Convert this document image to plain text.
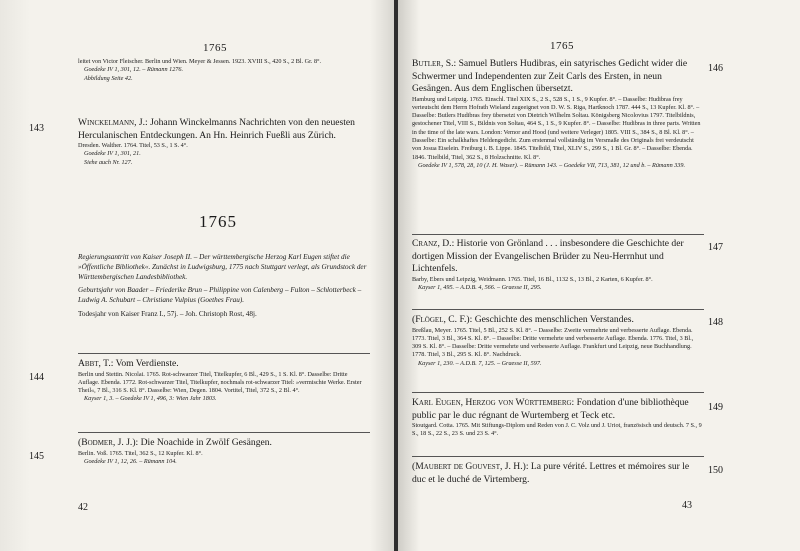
1765
leitet von Victor Fleischer. Berlin und Wien. Meyer & Jessen. 1923. XVIII S., 420 S., 2 Bl. Gr. 8°.
Goedeke IV 1, 301, 12. – Rümann 1276.
Abbildung Seite 42.
143
Winckelmann, J.: Johann Winckelmanns Nachrichten von den neuesten Herculanischen Entdeckungen. An Hn. Heinrich Fueßli aus Zürich.
Dresden. Walther. 1764. Titel, 53 S., 1 S. 4°.
Goedeke IV 1, 301, 21.
Siehe auch Nr. 127.
1765
Regierungsantritt von Kaiser Joseph II. – Der württembergische Herzog Karl Eugen stiftet die »Öffentliche Bibliothek«. Zunächst in Ludwigsburg, 1775 nach Stuttgart verlegt, als Grundstock der Württembergischen Landesbibliothek.
Geburtsjahr von Baader – Friederike Brun – Philippine von Calenberg – Fulton – Schlotterbeck – Ludwig A. Schubart – Christiane Vulpius (Goethes Frau).
Todesjahr von Kaiser Franz I., 57j. – Joh. Christoph Rost, 48j.
144
Abbt, T.: Vom Verdienste.
Berlin und Stettin. Nicolai. 1765. Rot-schwarzer Titel, Titelkupfer, 6 Bl., 429 S., 1 S. Kl. 8°. Dasselbe: Dritte Auflage. Ebenda. 1772. Rot-schwarzer Titel, Titelkupfer, nochmals rot-schwarzer Titel: »vermischte Werke. Erster Theil«, 7 Bl., 316 S. Kl. 8°. Dasselbe: Wien, Degen. 1804. Vortitel, Titel, 372 S., 2 Bl. 4°.
Kayser 1, 3. – Goedeke IV 1, 496, 3: Wien Jahr 1803.
145
(Bodmer, J. J.): Die Noachide in Zwölf Gesängen.
Berlin. Voß. 1765. Titel, 362 S., 12 Kupfer. Kl. 8°.
Goedeke IV 1, 12, 26. – Rümann 104.
42
1765
Butler, S.: Samuel Butlers Hudibras, ein satyrisches Gedicht wider die Schwermer und Independenten zur Zeit Carls des Ersten, in neun Gesängen. Aus dem Englischen übersetzt.
Hamburg und Leipzig. 1765. Einschl. Titel XIX S., 2 S., 528 S., 1 S., 9 Kupfer. 8°. – Dasselbe: Hudibras frey verteutscht dem Herrn Hofrath Wieland zugeeignet von D. W. S. Riga, Hartknoch 1787. 444 S., 13 Kupfer. Kl. 8°. – Dasselbe: Butlers Hudibras frey übersetzt von Dietrich Wilhelm Soltau. Königsberg Nicolovius 1797. Titelbildnis, gestochener Titel, VIII S., Bildnis von Soltau, 464 S., 1 S., 9 Kupfer. 8°. – Dasselbe: Hudibras in three parts. Written in the time of the late wars. London: Vernor and Hood (und weitere Verleger) 1805. VIII S., 384 S., 8 Bl. Kl. 8°. – Dasselbe: Ein schalkhaftes Heldengedicht. Zum erstenmal vollständig im Versmaße des Originals frei verdeutscht von Josua Eiselein. Freiburg i. B. Lippe. 1845. Titelbild, Titel, XLIV S., 299 S., 1 Bl. Gr. 8°. – Dasselbe: Ebenda. 1846. Titelbild, Titel, 362 S., 8 Holzschnitte. Kl. 8°.
Goedeke IV 1, 578, 28, 10 (J. H. Waser). – Rümann 143. – Goedeke VII, 713, 381, 12 und b. – Rümann 339.
146
Cranz, D.: Historie von Grönland . . . insbesondere die Geschichte der dortigen Mission der Evangelischen Brüder zu Neu-Herrnhut und Lichtenfels.
Barby, Ebers und Leipzig, Weidmann. 1765. Titel, 16 Bl., 1132 S., 13 Bl., 2 Karten, 6 Kupfer. 8°.
Kayser 1, 495. – A.D.B. 4, 566. – Graesse II, 295.
147
(Flögel, C. F.): Geschichte des menschlichen Verstandes.
Breßlau, Meyer. 1765. Titel, 5 Bl., 252 S. Kl. 8°. – Dasselbe: Zweite vermehrte und verbesserte Auflage. Ebenda. 1773. Titel, 3 Bl., 364 S. Kl. 8°. – Dasselbe: Dritte vermehrte und verbesserte Auflage. Ebenda. 1776. Titel, 3 Bl., 309 S. Kl. 8°. – Dasselbe: Dritte vermehrte und verbesserte Auflage. Frankfurt und Leipzig, neue Buchhandlung. 1778. Titel, 3 Bl., 295 S. Kl. 8°. Nachdruck.
Kayser 1, 230. – A.D.B. 7, 125. – Graesse II, 597.
148
Karl Eugen, Herzog von Württemberg: Fondation d'une bibliothèque public par le duc régnant de Wurtemberg et Teck etc.
Stoutgard. Cotta. 1765. Mit Stiftungs-Diplom und Reden von J. C. Volz und J. Uriot, französisch und deutsch. 7 S., 9 S., 18 S., 22 S., 23 S. und 23 S. 4°.
149
(Maubert de Gouvest, J. H.): La pure vérité. Lettres et mémoires sur le duc et le duché de Virtemberg.
150
43
